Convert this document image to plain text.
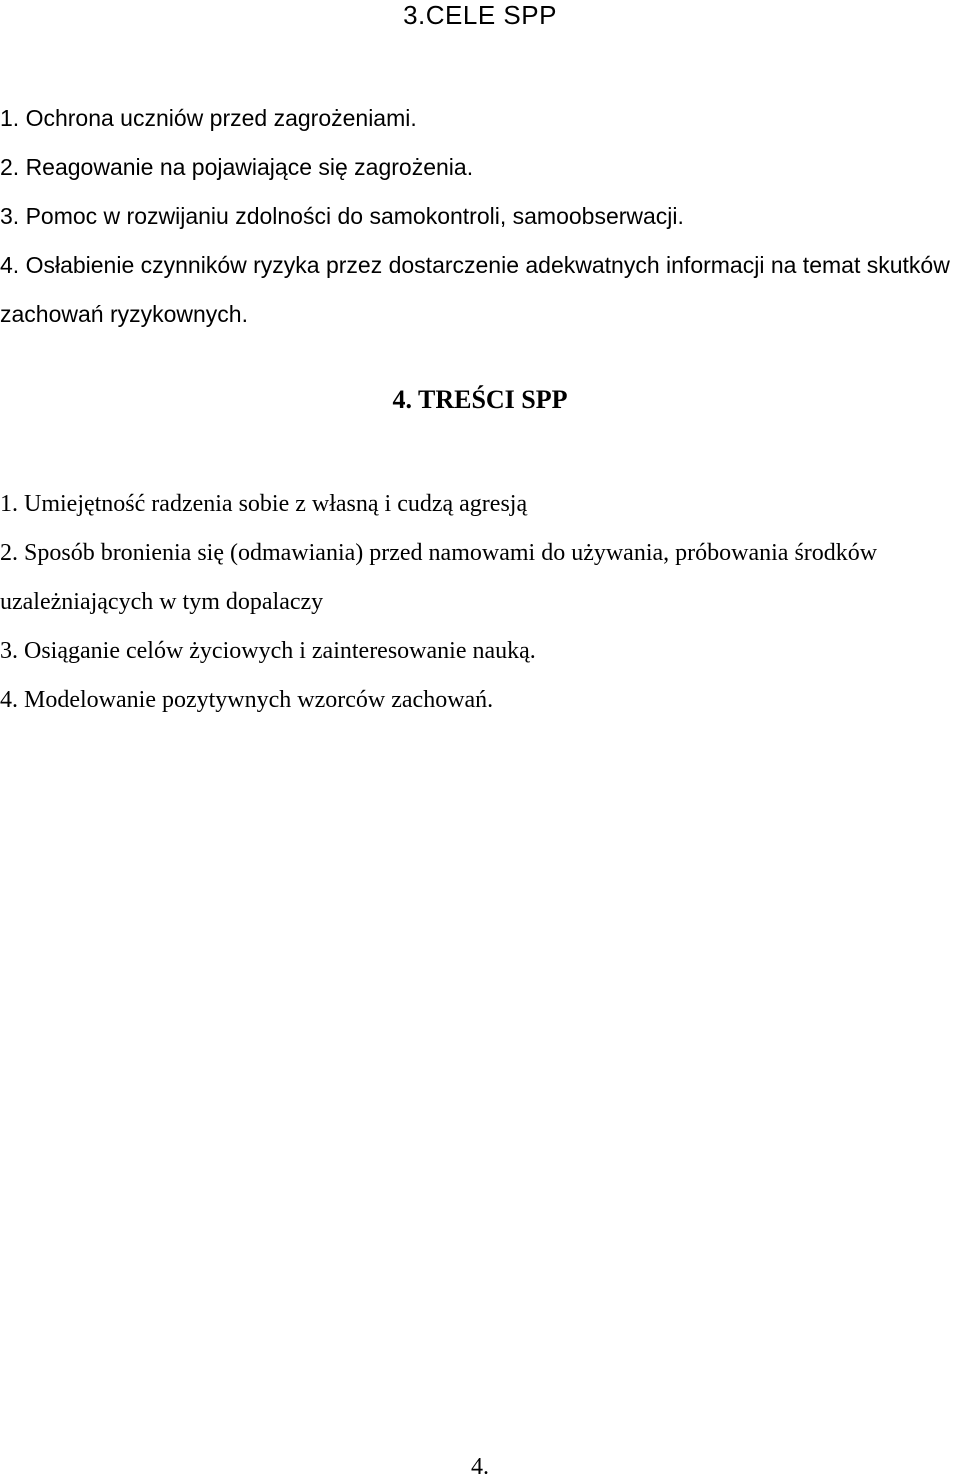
3.CELE SPP
1. Ochrona uczniów przed zagrożeniami.
2. Reagowanie na pojawiające się zagrożenia.
3. Pomoc w rozwijaniu zdolności do samokontroli, samoobserwacji.
4. Osłabienie czynników ryzyka przez dostarczenie adekwatnych informacji na temat skutków zachowań ryzykownych.
4. TREŚCI SPP
1. Umiejętność radzenia sobie z własną i cudzą agresją
2. Sposób bronienia się (odmawiania) przed namowami do używania, próbowania środków uzależniających w tym dopalaczy
3. Osiąganie celów życiowych i zainteresowanie nauką.
4. Modelowanie pozytywnych wzorców zachowań.
4.
